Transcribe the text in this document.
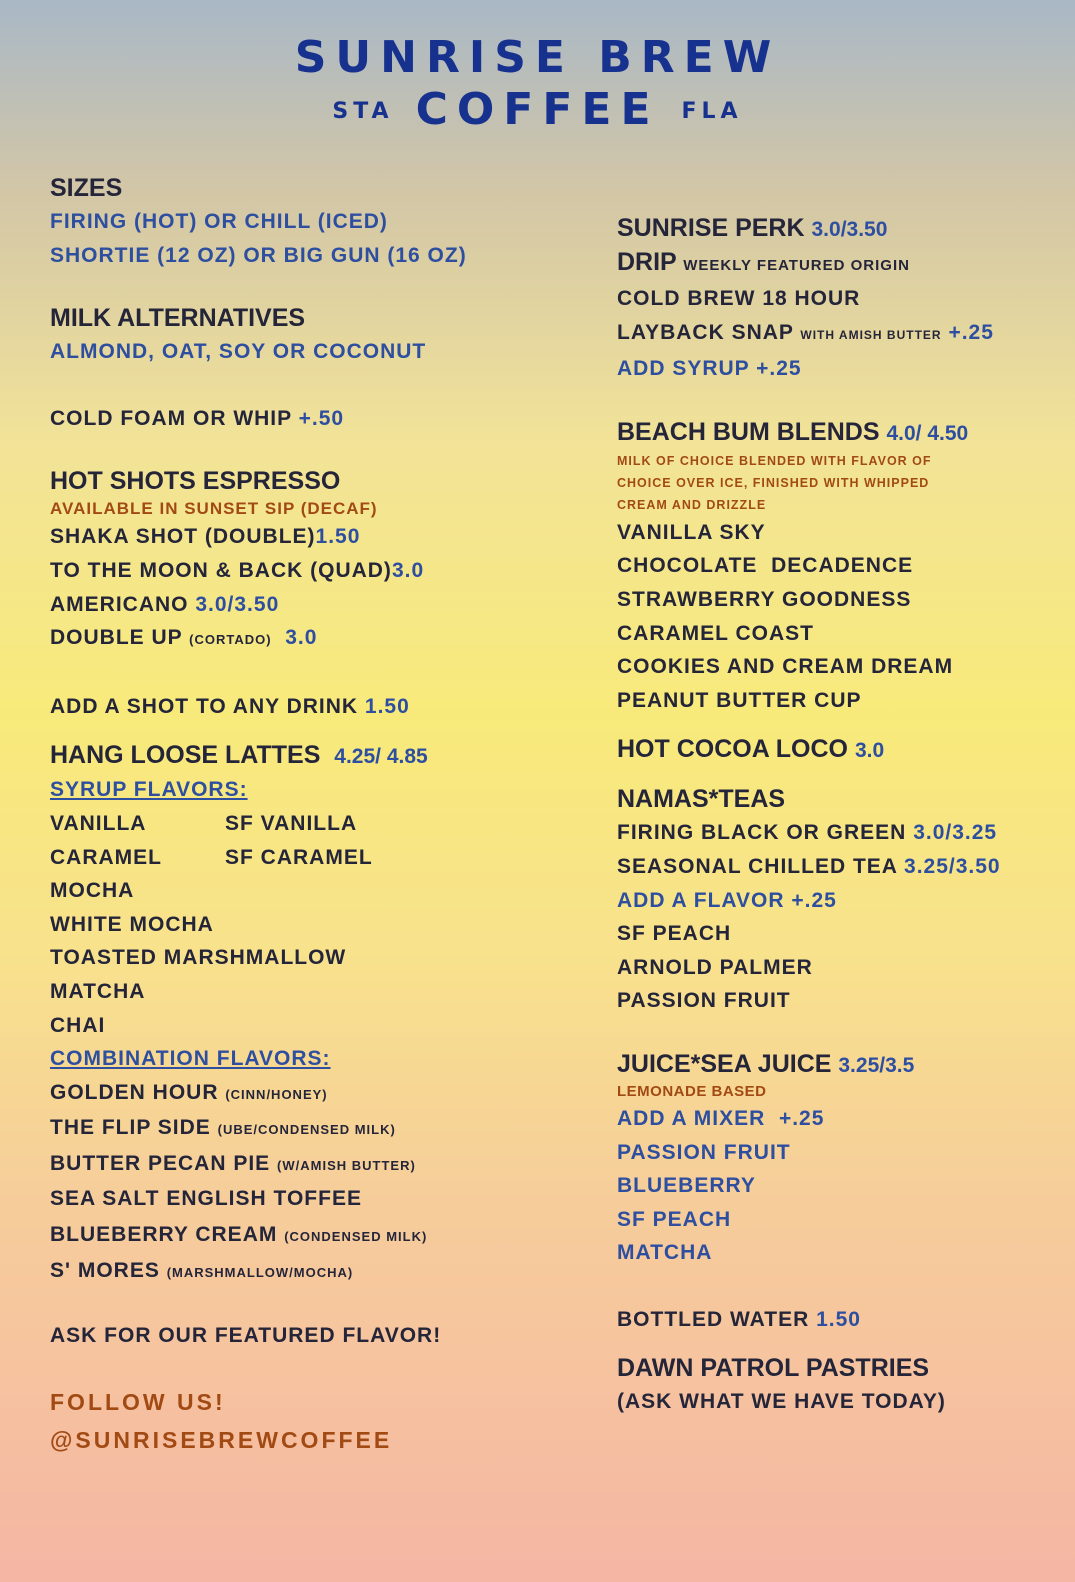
SUNRISE BREW
STA COFFEE FLA
SIZES
FIRING (HOT) OR CHILL (ICED)
SHORTIE (12 OZ) OR BIG GUN (16 OZ)
MILK ALTERNATIVES
ALMOND, OAT, SOY OR COCONUT
COLD FOAM OR WHIP +.50
HOT SHOTS ESPRESSO
AVAILABLE IN SUNSET SIP (DECAF)
SHAKA SHOT (DOUBLE)1.50
TO THE MOON & BACK (QUAD)3.0
AMERICANO 3.0/3.50
DOUBLE UP (CORTADO) 3.0
ADD A SHOT TO ANY DRINK 1.50
HANG LOOSE LATTES 4.25/ 4.85
SYRUP FLAVORS:
VANILLA	SF VANILLA
CARAMEL	SF CARAMEL
MOCHA
WHITE MOCHA
TOASTED MARSHMALLOW
MATCHA
CHAI
COMBINATION FLAVORS:
GOLDEN HOUR (CINN/HONEY)
THE FLIP SIDE (UBE/CONDENSED MILK)
BUTTER PECAN PIE (W/AMISH BUTTER)
SEA SALT ENGLISH TOFFEE
BLUEBERRY CREAM (CONDENSED MILK)
S' MORES (MARSHMALLOW/MOCHA)
ASK FOR OUR FEATURED FLAVOR!
FOLLOW US!
@SUNRISEBREWCOFFEE
SUNRISE PERK 3.0/3.50
DRIP WEEKLY FEATURED ORIGIN
COLD BREW 18 HOUR
LAYBACK SNAP WITH AMISH BUTTER +.25
ADD SYRUP +.25
BEACH BUM BLENDS 4.0/ 4.50
MILK OF CHOICE BLENDED WITH FLAVOR OF
CHOICE OVER ICE, FINISHED WITH WHIPPED
CREAM AND DRIZZLE
VANILLA SKY
CHOCOLATE  DECADENCE
STRAWBERRY GOODNESS
CARAMEL COAST
COOKIES AND CREAM DREAM
PEANUT BUTTER CUP
HOT COCOA LOCO 3.0
NAMAS*TEAS
FIRING BLACK OR GREEN 3.0/3.25
SEASONAL CHILLED TEA 3.25/3.50
ADD A FLAVOR +.25
SF PEACH
ARNOLD PALMER
PASSION FRUIT
JUICE*SEA JUICE 3.25/3.5
LEMONADE BASED
ADD A MIXER  +.25
PASSION FRUIT
BLUEBERRY
SF PEACH
MATCHA
BOTTLED WATER 1.50
DAWN PATROL PASTRIES
(ASK WHAT WE HAVE TODAY)
